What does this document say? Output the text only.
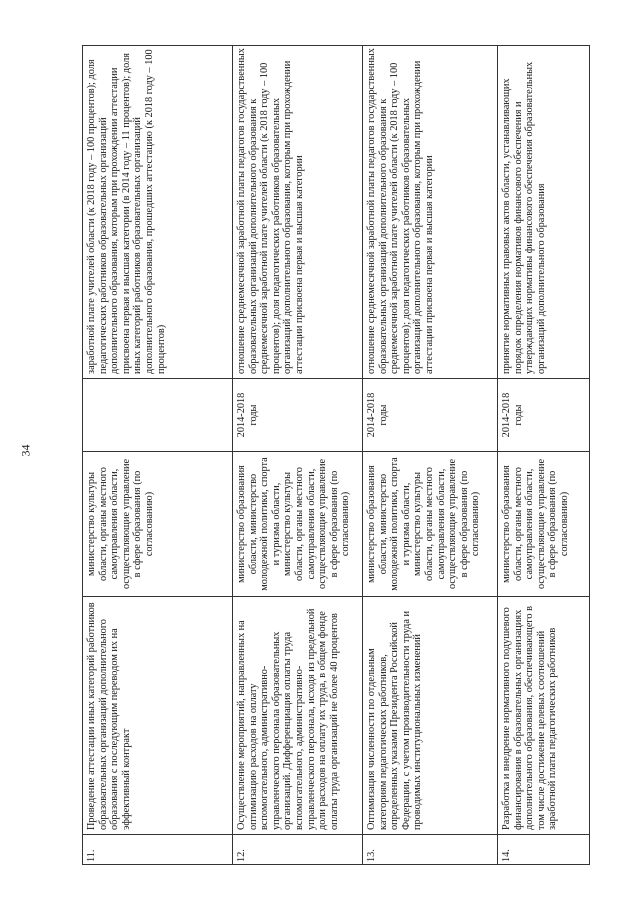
34
11.
Проведение аттестации иных категорий работников образовательных организаций дополнительного образования с последующим переводом их на эффективный контракт
министерство культуры области, органы местного самоуправления области, осуществляющие управление в сфере образования (по согласованию)
заработной плате учителей области (к 2018 году – 100 процентов); доля педагогических работников образовательных организаций дополнительного образования, которым при прохождении аттестации присвоена первая и высшая категории (в 2014 году – 11 процентов); доля иных категорий работников образовательных организаций дополнительного образования, прошедших аттестацию (к 2018 году – 100 процентов)
12.
Осуществление мероприятий, направленных на оптимизацию расходов на оплату вспомогательного, административно-управленческого персонала образовательных организаций. Дифференциация оплаты труда вспомогательного, административно-управленческого персонала, исходя из предельной доли расходов на оплату их труда, в общем фонде оплаты труда организаций не более 40 процентов
министерство образования области, министерство молодежной политики, спорта и туризма области, министерство культуры области, органы местного самоуправления области, осуществляющие управление в сфере образования (по согласованию)
2014-2018 годы
отношение среднемесячной заработной платы педагогов государственных образовательных организаций дополнительного образования к среднемесячной заработной плате учителей области (к 2018 году – 100 процентов); доля педагогических работников образовательных организаций дополнительного образования, которым при прохождении аттестации присвоена первая и высшая категории
13.
Оптимизация численности по отдельным категориям педагогических работников, определенных указами Президента Российской Федерации, с учетом производительности труда и проводимых институциональных изменений
министерство образования области, министерство молодежной политики, спорта и туризма области, министерство культуры области, органы местного самоуправления области, осуществляющие управление в сфере образования (по согласованию)
2014-2018 годы
отношение среднемесячной заработной платы педагогов государственных образовательных организаций дополнительного образования к среднемесячной заработной плате учителей области (к 2018 году – 100 процентов); доля педагогических работников образовательных организаций дополнительного образования, которым при прохождении аттестации присвоена первая и высшая категории
14.
Разработка и внедрение нормативного подушевого финансирования в образовательных организациях дополнительного образования, обеспечивающего в том числе достижение целевых соотношений заработной платы педагогических работников
министерство образования области, органы местного самоуправления области, осуществляющие управление в сфере образования (по согласованию)
2014-2018 годы
принятие нормативных правовых актов области, устанавливающих порядок определения нормативов финансового обеспечения и утверждающих нормативы финансового обеспечения образовательных организаций дополнительного образования
